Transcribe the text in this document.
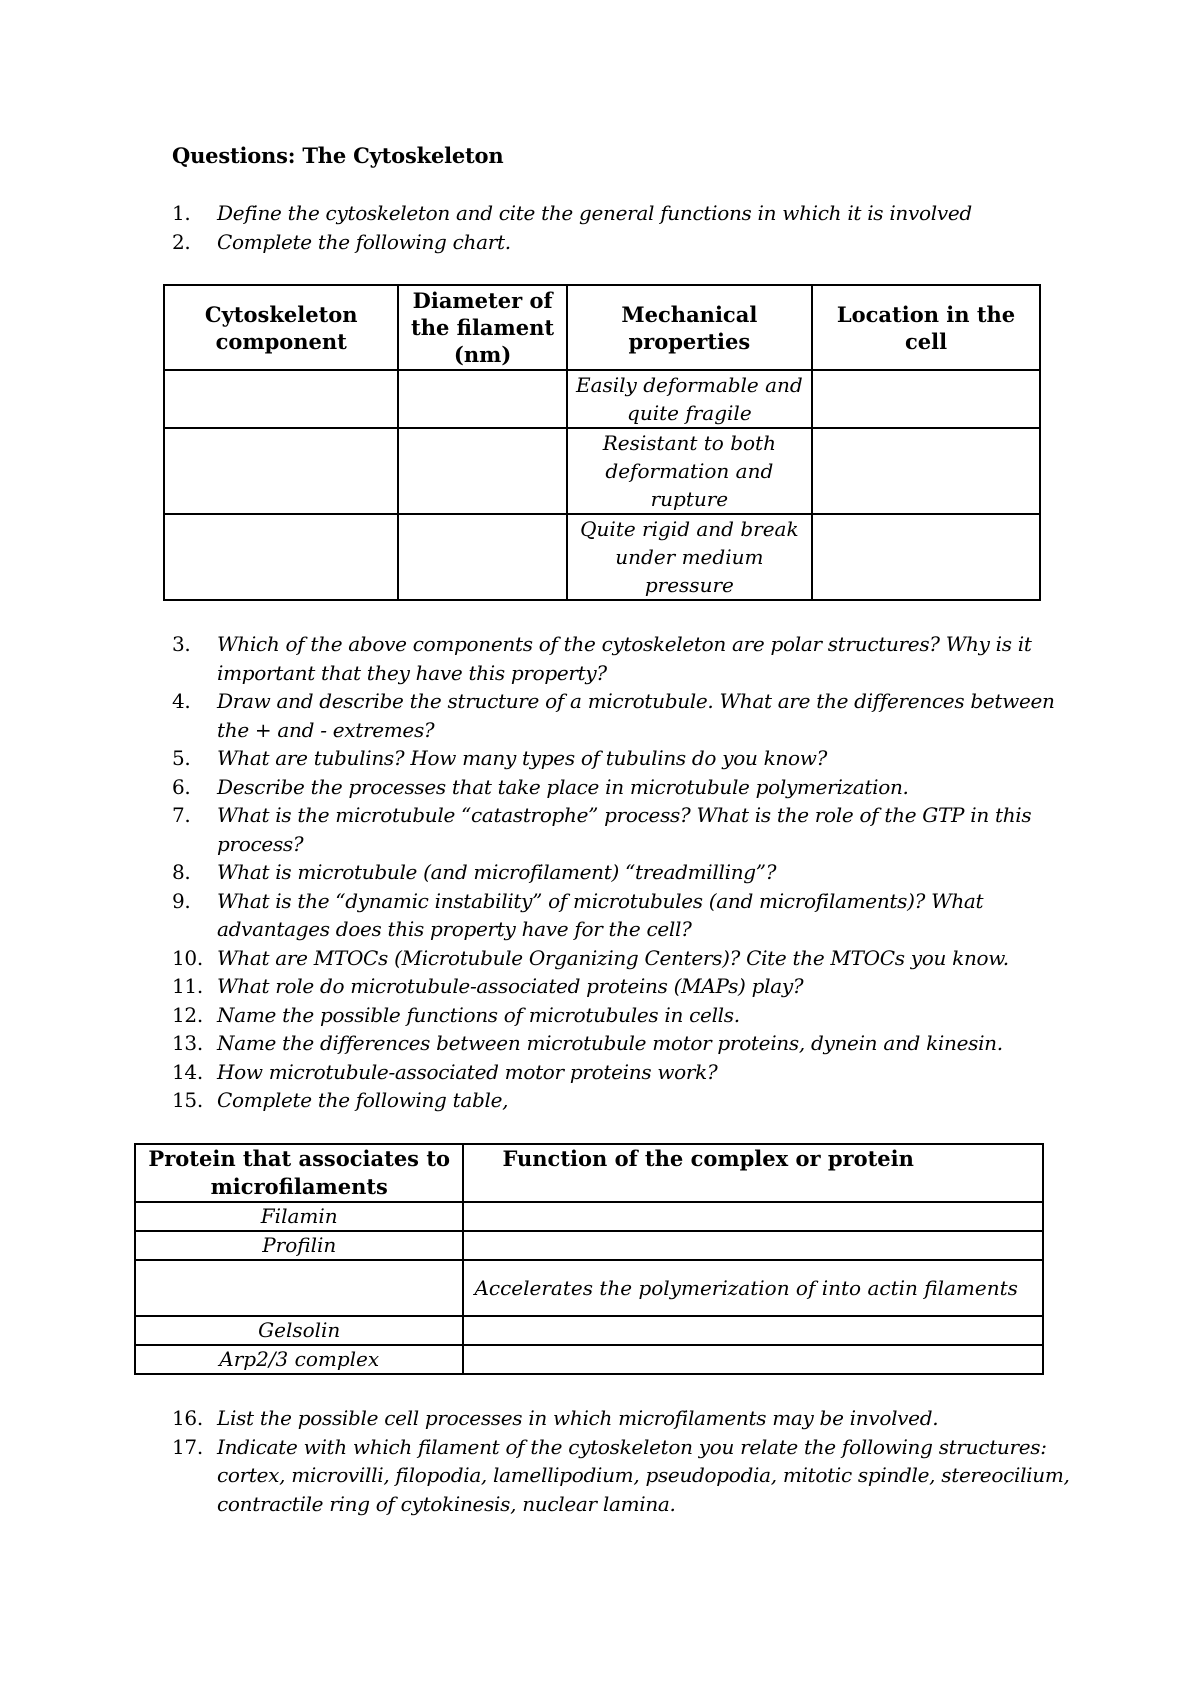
Questions: The Cytoskeleton
1. Define the cytoskeleton and cite the general functions in which it is involved
2. Complete the following chart.
Cytoskeleton component	Diameter of the filament (nm)	Mechanical properties	Location in the cell
		Easily deformable and quite fragile	
		Resistant to both deformation and rupture	
		Quite rigid and break under medium pressure	
3. Which of the above components of the cytoskeleton are polar structures? Why is it important that they have this property?
4. Draw and describe the structure of a microtubule. What are the differences between the + and - extremes?
5. What are tubulins? How many types of tubulins do you know?
6. Describe the processes that take place in microtubule polymerization.
7. What is the microtubule “catastrophe” process? What is the role of the GTP in this process?
8. What is microtubule (and microfilament) “treadmilling”?
9. What is the “dynamic instability” of microtubules (and microfilaments)? What advantages does this property have for the cell?
10. What are MTOCs (Microtubule Organizing Centers)? Cite the MTOCs you know.
11. What role do microtubule-associated proteins (MAPs) play?
12. Name the possible functions of microtubules in cells.
13. Name the differences between microtubule motor proteins, dynein and kinesin.
14. How microtubule-associated motor proteins work?
15. Complete the following table,
Protein that associates to microfilaments	Function of the complex or protein
Filamin	
Profilin	
	Accelerates the polymerization of into actin filaments
Gelsolin	
Arp2/3 complex	
16. List the possible cell processes in which microfilaments may be involved.
17. Indicate with which filament of the cytoskeleton you relate the following structures: cortex, microvilli, filopodia, lamellipodium, pseudopodia, mitotic spindle, stereocilium, contractile ring of cytokinesis, nuclear lamina.
